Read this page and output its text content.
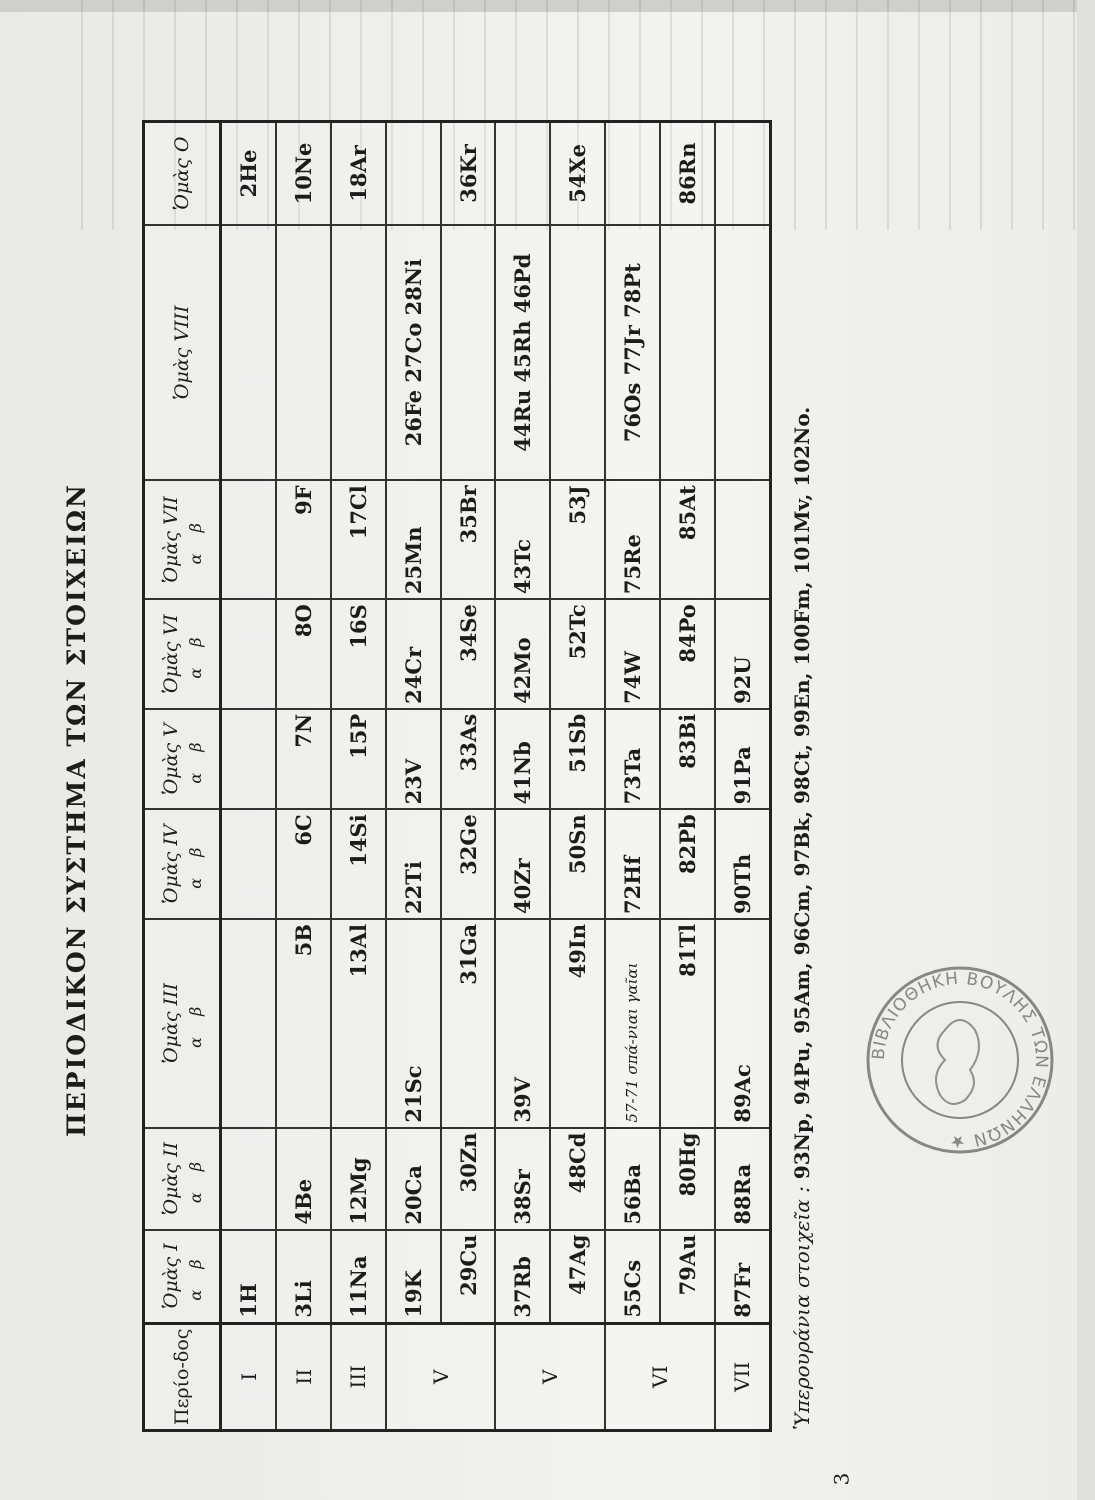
ΠΕΡΙΟΔΙΚΟΝ ΣΥΣΤΗΜΑ ΤΩΝ ΣΤΟΙΧΕΙΩΝ
Περίο-δος	Ὁμὰς I α β	Ὁμὰς II α β	Ὁμὰς III α β	Ὁμὰς IV α β	Ὁμὰς V α β	Ὁμὰς VI α β	Ὁμὰς VII α β	Ὁμὰς VIII	Ὁμὰς O

I	1H								2He
II	3Li	4Be	5B	6C	7N	8O	9F		10Ne
III	11Na	12Mg	13Al	14Si	15P	16S	17Cl		18Ar
V	19K	20Ca	21Sc	22Ti	23V	24Cr	25Mn	26Fe 27Co 28Ni	

	29Cu	30Zn	31Ga	32Ge	33As	34Se	35Br		36Kr
V	37Rb	38Sr	39V	40Zr	41Nb	42Mo	43Tc	44Ru 45Rh 46Pd	

	47Ag	48Cd	49In	50Sn	51Sb	52Tc	53J		54Xe
VI	55Cs	56Ba	57-71 σπά-νιαι γαῖαι	72Hf	73Ta	74W	75Re	76Os 77Jr 78Pt	

	79Au	80Hg	81Tl	82Pb	83Bi	84Po	85At		86Rn
VII	87Fr	88Ra	89Ac	90Th	91Pa	92U			

Ὑπερουράνια στοιχεῖα : 93Np, 94Pu, 95Am, 96Cm, 97Bk, 98Ct, 99En, 100Fm, 101Mv, 102No.
3
ΒΙΒΛΙΟΘΗΚΗ ΒΟΥΛΗΣ ΤΩΝ ΕΛΛΗΝΩΝ ★
